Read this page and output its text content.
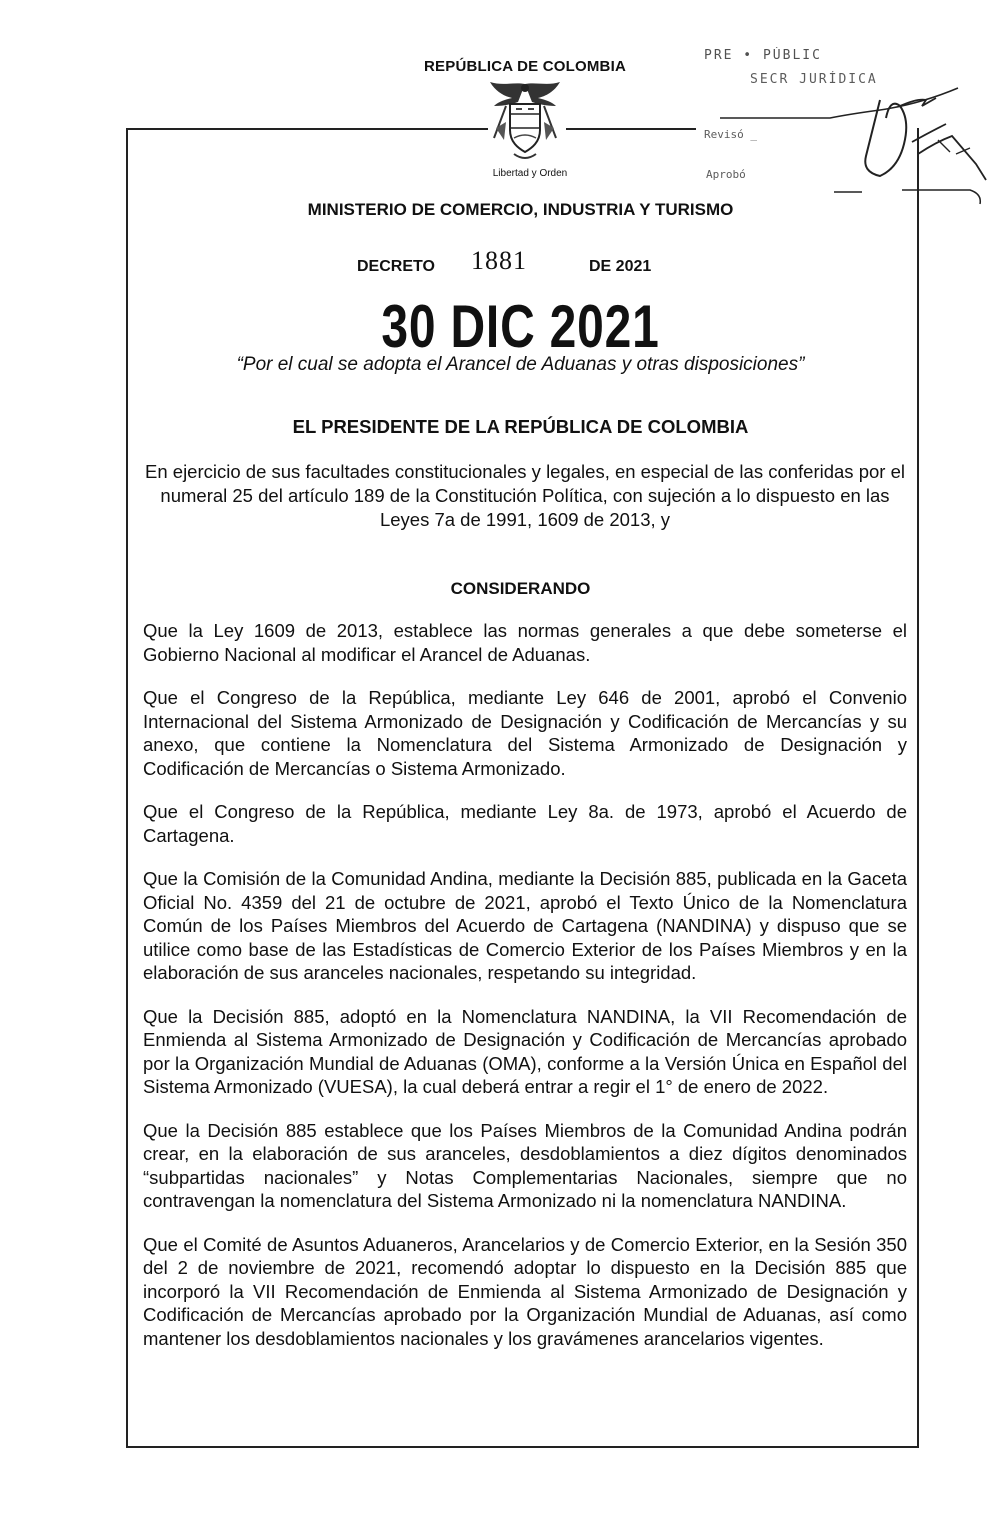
REPÚBLICA DE COLOMBIA
Libertad y Orden
PRE • PÚBLIC
SECR JURÍDICA
Revisó _
Aprobó
MINISTERIO DE COMERCIO, INDUSTRIA Y TURISMO
DECRETO 1881	DE 2021
30 DIC 2021
“Por el cual se adopta el Arancel de Aduanas y otras disposiciones”
EL PRESIDENTE DE LA REPÚBLICA DE COLOMBIA
En ejercicio de sus facultades constitucionales y legales, en especial de las conferidas por el numeral 25 del artículo 189 de la Constitución Política, con sujeción a lo dispuesto en las Leyes 7a de 1991, 1609 de 2013, y
CONSIDERANDO

Que la Ley 1609 de 2013, establece las normas generales a que debe someterse el Gobierno Nacional al modificar el Arancel de Aduanas.

Que el Congreso de la República, mediante Ley 646 de 2001, aprobó el Convenio Internacional del Sistema Armonizado de Designación y Codificación de Mercancías y su anexo, que contiene la Nomenclatura del Sistema Armonizado de Designación y Codificación de Mercancías o Sistema Armonizado.

Que el Congreso de la República, mediante Ley 8a. de 1973, aprobó el Acuerdo de Cartagena.

Que la Comisión de la Comunidad Andina, mediante la Decisión 885, publicada en la Gaceta Oficial No. 4359 del 21 de octubre de 2021, aprobó el Texto Único de la Nomenclatura Común de los Países Miembros del Acuerdo de Cartagena (NANDINA) y dispuso que se utilice como base de las Estadísticas de Comercio Exterior de los Países Miembros y en la elaboración de sus aranceles nacionales, respetando su integridad.

Que la Decisión 885, adoptó en la Nomenclatura NANDINA, la VII Recomendación de Enmienda al Sistema Armonizado de Designación y Codificación de Mercancías aprobado por la Organización Mundial de Aduanas (OMA), conforme a la Versión Única en Español del Sistema Armonizado (VUESA), la cual deberá entrar a regir el 1° de enero de 2022.

Que la Decisión 885 establece que los Países Miembros de la Comunidad Andina podrán crear, en la elaboración de sus aranceles, desdoblamientos a diez dígitos denominados “subpartidas nacionales” y Notas Complementarias Nacionales, siempre que no contravengan la nomenclatura del Sistema Armonizado ni la nomenclatura NANDINA.

Que el Comité de Asuntos Aduaneros, Arancelarios y de Comercio Exterior, en la Sesión 350 del 2 de noviembre de 2021, recomendó adoptar lo dispuesto en la Decisión 885 que incorporó la VII Recomendación de Enmienda al Sistema Armonizado de Designación y Codificación de Mercancías aprobado por la Organización Mundial de Aduanas, así como mantener los desdoblamientos nacionales y los gravámenes arancelarios vigentes.
